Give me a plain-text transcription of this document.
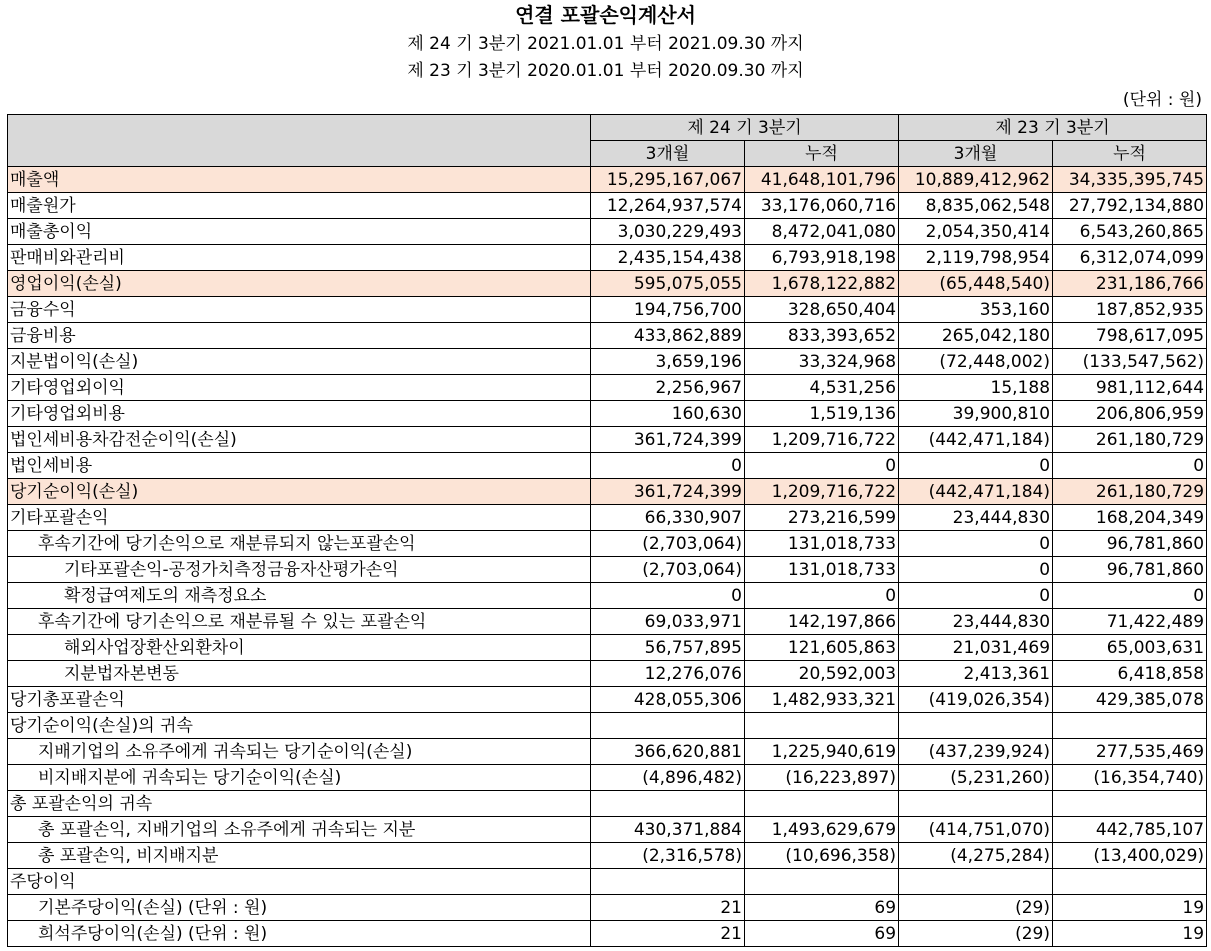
연결 포괄손익계산서
제 24 기 3분기 2021.01.01 부터 2021.09.30 까지
제 23 기 3분기 2020.01.01 부터 2020.09.30 까지
(단위 : 원)
	제 24 기 3분기		제 23 기 3분기	
	3개월	누적	3개월	누적
매출액	15,295,167,067	41,648,101,796	10,889,412,962	34,335,395,745
매출원가	12,264,937,574	33,176,060,716	8,835,062,548	27,792,134,880
매출총이익	3,030,229,493	8,472,041,080	2,054,350,414	6,543,260,865
판매비와관리비	2,435,154,438	6,793,918,198	2,119,798,954	6,312,074,099
영업이익(손실)	595,075,055	1,678,122,882	(65,448,540)	231,186,766
금융수익	194,756,700	328,650,404	353,160	187,852,935
금융비용	433,862,889	833,393,652	265,042,180	798,617,095
지분법이익(손실)	3,659,196	33,324,968	(72,448,002)	(133,547,562)
기타영업외이익	2,256,967	4,531,256	15,188	981,112,644
기타영업외비용	160,630	1,519,136	39,900,810	206,806,959
법인세비용차감전순이익(손실)	361,724,399	1,209,716,722	(442,471,184)	261,180,729
법인세비용	0	0	0	0
당기순이익(손실)	361,724,399	1,209,716,722	(442,471,184)	261,180,729
기타포괄손익	66,330,907	273,216,599	23,444,830	168,204,349
후속기간에 당기손익으로 재분류되지 않는포괄손익	(2,703,064)	131,018,733	0	96,781,860
기타포괄손익-공정가치측정금융자산평가손익	(2,703,064)	131,018,733	0	96,781,860
확정급여제도의 재측정요소	0	0	0	0
후속기간에 당기손익으로 재분류될 수 있는 포괄손익	69,033,971	142,197,866	23,444,830	71,422,489
해외사업장환산외환차이	56,757,895	121,605,863	21,031,469	65,003,631
지분법자본변동	12,276,076	20,592,003	2,413,361	6,418,858
당기총포괄손익	428,055,306	1,482,933,321	(419,026,354)	429,385,078
당기순이익(손실)의 귀속				
지배기업의 소유주에게 귀속되는 당기순이익(손실)	366,620,881	1,225,940,619	(437,239,924)	277,535,469
비지배지분에 귀속되는 당기순이익(손실)	(4,896,482)	(16,223,897)	(5,231,260)	(16,354,740)
총 포괄손익의 귀속				
총 포괄손익, 지배기업의 소유주에게 귀속되는 지분	430,371,884	1,493,629,679	(414,751,070)	442,785,107
총 포괄손익, 비지배지분	(2,316,578)	(10,696,358)	(4,275,284)	(13,400,029)
주당이익				
기본주당이익(손실) (단위 : 원)	21	69	(29)	19
희석주당이익(손실) (단위 : 원)	21	69	(29)	19
